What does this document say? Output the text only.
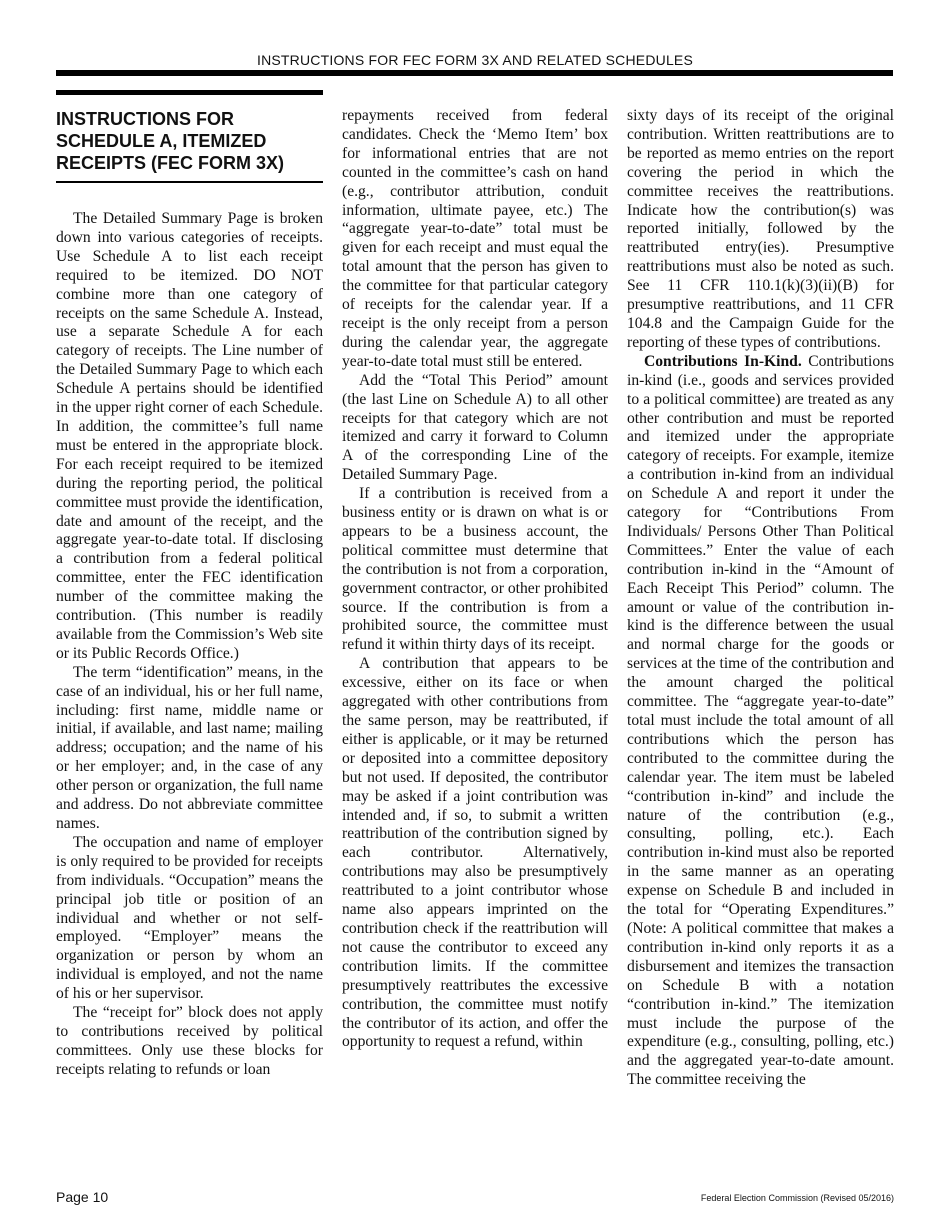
INSTRUCTIONS FOR FEC FORM 3X AND RELATED SCHEDULES
INSTRUCTIONS FOR SCHEDULE A, ITEMIZED RECEIPTS (FEC FORM 3X)

The Detailed Summary Page is broken down into various categories of receipts. Use Schedule A to list each receipt required to be itemized. DO NOT combine more than one category of receipts on the same Schedule A. Instead, use a separate Schedule A for each category of receipts. The Line number of the Detailed Summary Page to which each Schedule A pertains should be identified in the upper right corner of each Schedule. In addition, the committee’s full name must be entered in the appropriate block. For each receipt required to be itemized during the reporting period, the political committee must provide the identification, date and amount of the receipt, and the aggregate year-to-date total. If disclosing a contribution from a federal political committee, enter the FEC identification number of the committee making the contribution. (This number is readily available from the Commission’s Web site or its Public Records Office.)

The term “identification” means, in the case of an individual, his or her full name, including: first name, middle name or initial, if available, and last name; mailing address; occupation; and the name of his or her employer; and, in the case of any other person or organization, the full name and address. Do not abbreviate committee names.

The occupation and name of employer is only required to be provided for receipts from individuals. “Occupation” means the principal job title or position of an individual and whether or not self-employed. “Employer” means the organization or person by whom an individual is employed, and not the name of his or her supervisor.

The “receipt for” block does not apply to contributions received by political committees. Only use these blocks for receipts relating to refunds or loan

repayments received from federal candidates. Check the ‘Memo Item’ box for informational entries that are not counted in the committee’s cash on hand (e.g., contributor attribution, conduit information, ultimate payee, etc.) The “aggregate year-to-date” total must be given for each receipt and must equal the total amount that the person has given to the committee for that particular category of receipts for the calendar year. If a receipt is the only receipt from a person during the calendar year, the aggregate year-to-date total must still be entered.

Add the “Total This Period” amount (the last Line on Schedule A) to all other receipts for that category which are not itemized and carry it forward to Column A of the corresponding Line of the Detailed Summary Page.

If a contribution is received from a business entity or is drawn on what is or appears to be a business account, the political committee must determine that the contribution is not from a corporation, government contractor, or other prohibited source. If the contribution is from a prohibited source, the committee must refund it within thirty days of its receipt.

A contribution that appears to be excessive, either on its face or when aggregated with other contributions from the same person, may be reattributed, if either is applicable, or it may be returned or deposited into a committee depository but not used. If deposited, the contributor may be asked if a joint contribution was intended and, if so, to submit a written reattribution of the contribution signed by each contributor. Alternatively, contributions may also be presumptively reattributed to a joint contributor whose name also appears imprinted on the contribution check if the reattribution will not cause the contributor to exceed any contribution limits. If the committee presumptively reattributes the excessive contribution, the committee must notify the contributor of its action, and offer the opportunity to request a refund, within

sixty days of its receipt of the original contribution. Written reattributions are to be reported as memo entries on the report covering the period in which the committee receives the reattributions. Indicate how the contribution(s) was reported initially, followed by the reattributed entry(ies). Presumptive reattributions must also be noted as such. See 11 CFR 110.1(k)(3)(ii)(B) for presumptive reattributions, and 11 CFR 104.8 and the Campaign Guide for the reporting of these types of contributions.

Contributions In-Kind. Contributions in-kind (i.e., goods and services provided to a political committee) are treated as any other contribution and must be reported and itemized under the appropriate category of receipts. For example, itemize a contribution in-kind from an individual on Schedule A and report it under the category for “Contributions From Individuals/ Persons Other Than Political Committees.” Enter the value of each contribution in-kind in the “Amount of Each Receipt This Period” column. The amount or value of the contribution in-kind is the difference between the usual and normal charge for the goods or services at the time of the contribution and the amount charged the political committee. The “aggregate year-to-date” total must include the total amount of all contributions which the person has contributed to the committee during the calendar year. The item must be labeled “contribution in-kind” and include the nature of the contribution (e.g., consulting, polling, etc.). Each contribution in-kind must also be reported in the same manner as an operating expense on Schedule B and included in the total for “Operating Expenditures.” (Note: A political committee that makes a contribution in-kind only reports it as a disbursement and itemizes the transaction on Schedule B with a notation “contribution in-kind.” The itemization must include the purpose of the expenditure (e.g., consulting, polling, etc.) and the aggregated year-to-date amount. The committee receiving the

Page 10	Federal Election Commission (Revised 05/2016)
